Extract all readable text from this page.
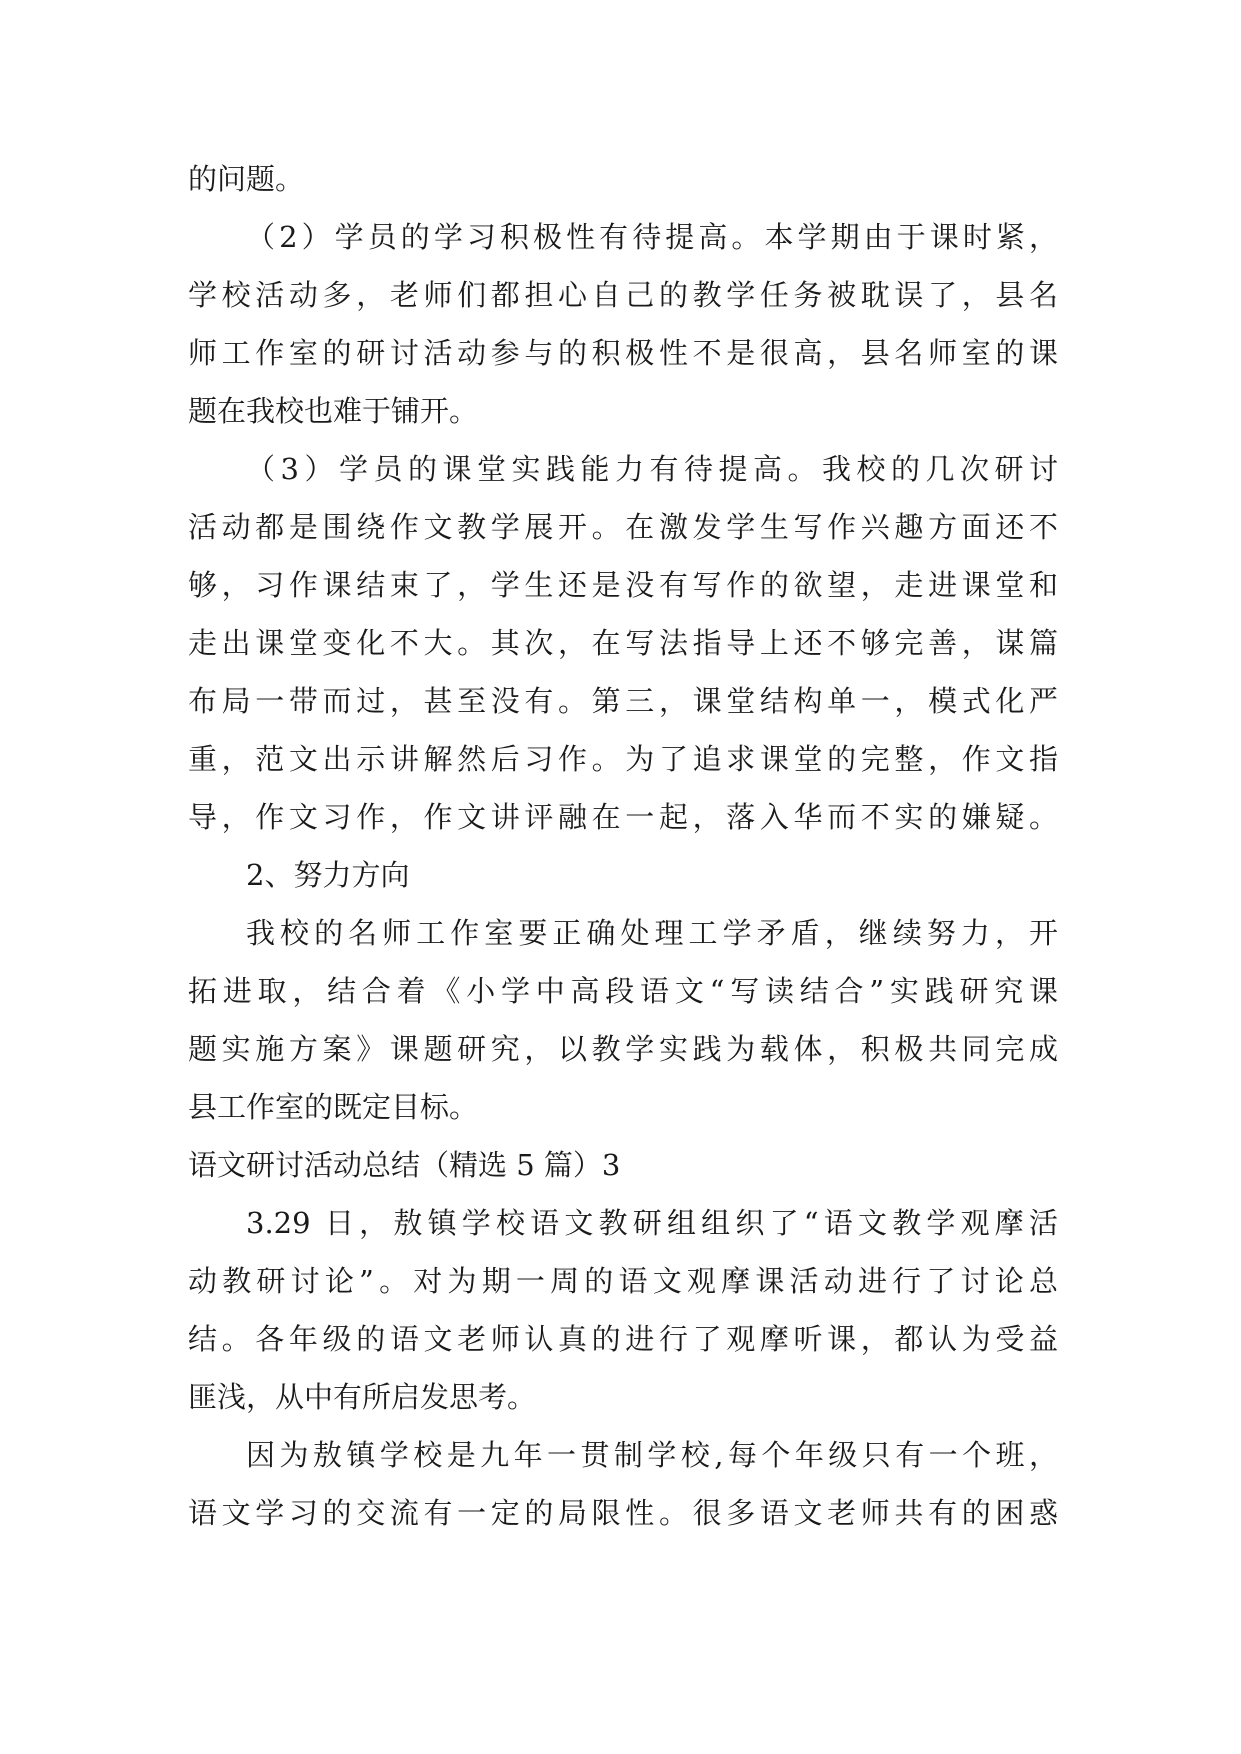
的问题。
（2）学员的学习积极性有待提高。本学期由于课时紧，
学校活动多，老师们都担心自己的教学任务被耽误了，县名
师工作室的研讨活动参与的积极性不是很高，县名师室的课
题在我校也难于铺开。
（3）学员的课堂实践能力有待提高。我校的几次研讨
活动都是围绕作文教学展开。在激发学生写作兴趣方面还不
够，习作课结束了，学生还是没有写作的欲望，走进课堂和
走出课堂变化不大。其次，在写法指导上还不够完善，谋篇
布局一带而过，甚至没有。第三，课堂结构单一，模式化严
重，范文出示讲解然后习作。为了追求课堂的完整，作文指
导，作文习作，作文讲评融在一起，落入华而不实的嫌疑。
2、努力方向
我校的名师工作室要正确处理工学矛盾，继续努力，开
拓进取，结合着《小学中高段语文“写读结合”实践研究课
题实施方案》课题研究，以教学实践为载体，积极共同完成
县工作室的既定目标。
语文研讨活动总结（精选 5 篇）3
3.29 日，敖镇学校语文教研组组织了“语文教学观摩活
动教研讨论”。对为期一周的语文观摩课活动进行了讨论总
结。各年级的语文老师认真的进行了观摩听课，都认为受益
匪浅，从中有所启发思考。
因为敖镇学校是九年一贯制学校,每个年级只有一个班，
语文学习的交流有一定的局限性。很多语文老师共有的困惑
